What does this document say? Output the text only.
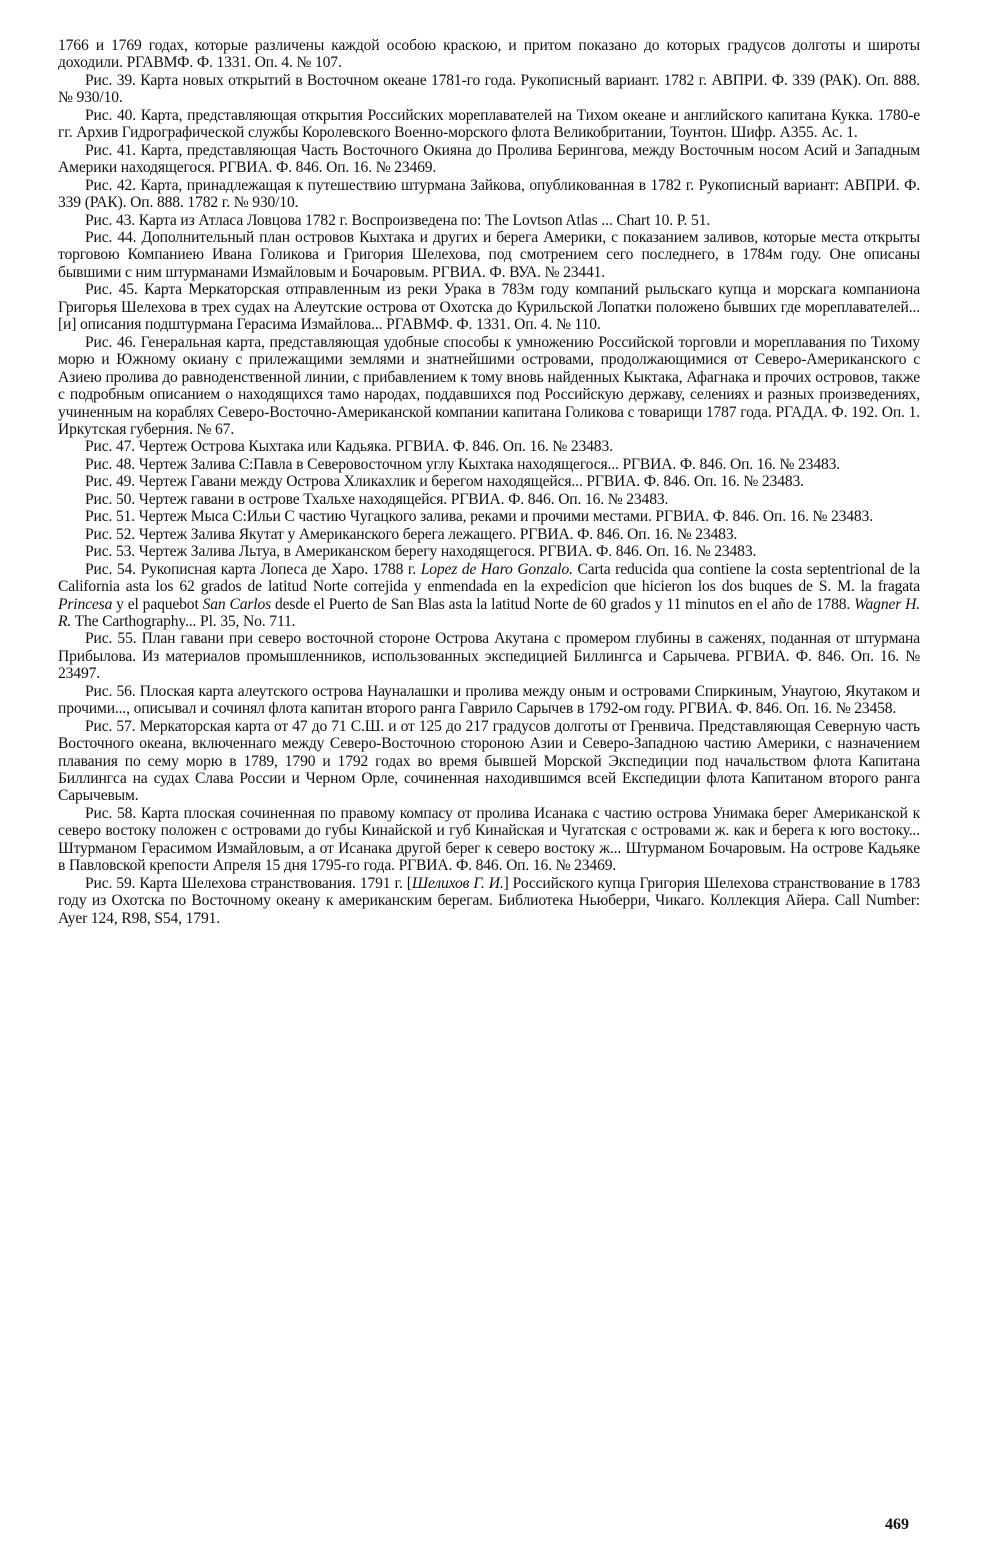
1766 и 1769 годах, которые различены каждой особою краскою, и притом показано до которых градусов долготы и широты доходили. РГАВМФ. Ф. 1331. Оп. 4. № 107.

Рис. 39. Карта новых открытий в Восточном океане 1781-го года. Рукописный вариант. 1782 г. АВПРИ. Ф. 339 (РАК). Оп. 888. № 930/10.

Рис. 40. Карта, представляющая открытия Российских мореплавателей на Тихом океане и английского капитана Кукка. 1780-е гг. Архив Гидрографической службы Королевского Военно-морского флота Великобритании, Тоунтон. Шифр. А355. Ас. 1.

Рис. 41. Карта, представляющая Часть Восточного Окияна до Пролива Берингова, между Восточным носом Асий и Западным Америки находящегося. РГВИА. Ф. 846. Оп. 16. № 23469.

Рис. 42. Карта, принадлежащая к путешествию штурмана Зайкова, опубликованная в 1782 г. Рукописный вариант: АВПРИ. Ф. 339 (РАК). Оп. 888. 1782 г. № 930/10.

Рис. 43. Карта из Атласа Ловцова 1782 г. Воспроизведена по: The Lovtson Atlas ... Chart 10. P. 51.

Рис. 44. Дополнительный план островов Кыхтака и других и берега Америки, с показанием заливов, которые места открыты торговою Компаниею Ивана Голикова и Григория Шелехова, под смотрением сего последнего, в 1784м году. Оне описаны бывшими с ним штурманами Измайловым и Бочаровым. РГВИА. Ф. ВУА. № 23441.

Рис. 45. Карта Меркаторская отправленным из реки Урака в 783м году компаний рыльскаго купца и морскага компаниона Григорья Шелехова в трех судах на Алеутские острова от Охотска до Курильской Лопатки положено бывших где мореплавателей... [и] описания подштурмана Герасима Измайлова... РГАВМФ. Ф. 1331. Оп. 4. № 110.

Рис. 46. Генеральная карта, представляющая удобные способы к умножению Российской торговли и мореплавания по Тихому морю и Южному окиану с прилежащими землями и знатнейшими островами, продолжающимися от Северо-Американского с Азиею пролива до равноденственной линии, с прибавлением к тому вновь найденных Кыктака, Афагнака и прочих островов, также с подробным описанием о находящихся тамо народах, поддавшихся под Российскую державу, селениях и разных произведениях, учиненным на кораблях Северо-Восточно-Американской компании капитана Голикова с товарищи 1787 года. РГАДА. Ф. 192. Оп. 1. Иркутская губерния. № 67.

Рис. 47. Чертеж Острова Кыхтака или Кадьяка. РГВИА. Ф. 846. Оп. 16. № 23483.

Рис. 48. Чертеж Залива С:Павла в Северовосточном углу Кыхтака находящегося... РГВИА. Ф. 846. Оп. 16. № 23483.

Рис. 49. Чертеж Гавани между Острова Хликахлик и берегом находящейся... РГВИА. Ф. 846. Оп. 16. № 23483.

Рис. 50. Чертеж гавани в острове Тхальхе находящейся. РГВИА. Ф. 846. Оп. 16. № 23483.

Рис. 51. Чертеж Мыса С:Ильи С частию Чугацкого залива, реками и прочими местами. РГВИА. Ф. 846. Оп. 16. № 23483.

Рис. 52. Чертеж Залива Якутат у Американского берега лежащего. РГВИА. Ф. 846. Оп. 16. № 23483.

Рис. 53. Чертеж Залива Льтуа, в Американском берегу находящегося. РГВИА. Ф. 846. Оп. 16. № 23483.

Рис. 54. Рукописная карта Лопеса де Харо. 1788 г. Lopez de Haro Gonzalo. Carta reducida qua contiene la costa septentrional de la California asta los 62 grados de latitud Norte correjida y enmendada en la expedicion que hicieron los dos buques de S. M. la fragata Princesa y el paquebot San Carlos desde el Puerto de San Blas asta la latitud Norte de 60 grados y 11 minutos en el año de 1788. Wagner H. R. The Carthography... Pl. 35, No. 711.

Рис. 55. План гавани при северо восточной стороне Острова Акутана с промером глубины в саженях, поданная от штурмана Прибылова. Из материалов промышленников, использованных экспедицией Биллингса и Сарычева. РГВИА. Ф. 846. Оп. 16. № 23497.

Рис. 56. Плоская карта алеутского острова Науналашки и пролива между оным и островами Спиркиным, Унаугою, Якутаком и прочими..., описывал и сочинял флота капитан второго ранга Гаврило Сарычев в 1792-ом году. РГВИА. Ф. 846. Оп. 16. № 23458.

Рис. 57. Меркаторская карта от 47 до 71 С.Ш. и от 125 до 217 градусов долготы от Гренвича. Представляющая Северную часть Восточного океана, включеннаго между Северо-Восточною стороною Азии и Северо-Западною частию Америки, с назначением плавания по сему морю в 1789, 1790 и 1792 годах во время бывшей Морской Экспедиции под начальством флота Капитана Биллингса на судах Слава России и Черном Орле, сочиненная находившимся всей Експедиции флота Капитаном второго ранга Сарычевым.

Рис. 58. Карта плоская сочиненная по правому компасу от пролива Исанака с частию острова Унимака берег Американской к северо востоку положен с островами до губы Кинайской и губ Кинайская и Чугатская с островами ж. как и берега к юго востоку... Штурманом Герасимом Измайловым, а от Исанака другой берег к северо востоку ж... Штурманом Бочаровым. На острове Кадьяке в Павловской крепости Апреля 15 дня 1795-го года. РГВИА. Ф. 846. Оп. 16. № 23469.

Рис. 59. Карта Шелехова странствования. 1791 г. [Шелихов Г. И.] Российского купца Григория Шелехова странствование в 1783 году из Охотска по Восточному океану к американским берегам. Библиотека Ньюберри, Чикаго. Коллекция Айера. Call Number: Ayer 124, R98, S54, 1791.

469
